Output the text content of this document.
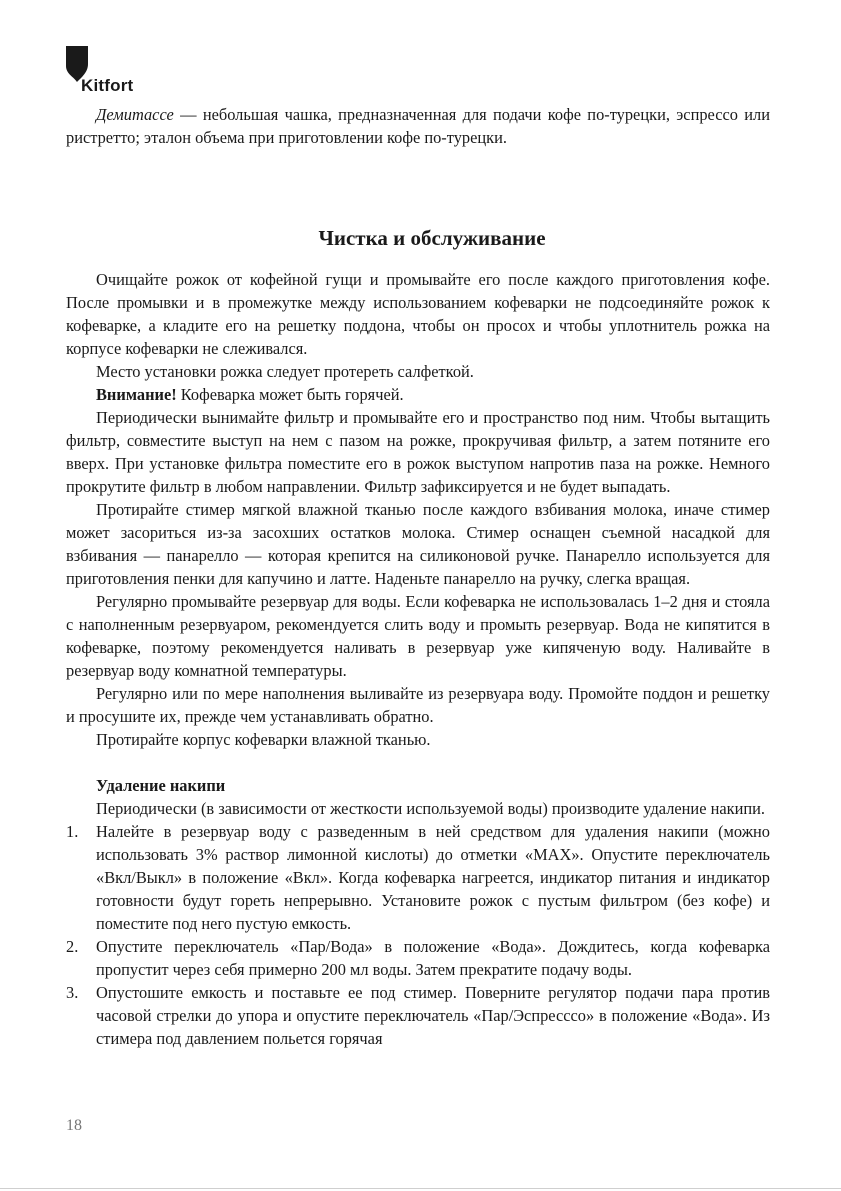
Kitfort

Демитассе — небольшая чашка, предназначенная для подачи кофе по-турецки, эспрессо или ристретто; эталон объема при приготовлении кофе по-турецки.

Чистка и обслуживание

Очищайте рожок от кофейной гущи и промывайте его после каждого приготовления кофе. После промывки и в промежутке между использованием кофеварки не подсоединяйте рожок к кофеварке, а кладите его на решетку поддона, чтобы он просох и чтобы уплотнитель рожка на корпусе кофеварки не слеживался.

Место установки рожка следует протереть салфеткой.

Внимание! Кофеварка может быть горячей.

Периодически вынимайте фильтр и промывайте его и пространство под ним. Чтобы вытащить фильтр, совместите выступ на нем с пазом на рожке, прокручивая фильтр, а затем потяните его вверх. При установке фильтра поместите его в рожок выступом напротив паза на рожке. Немного прокрутите фильтр в любом направлении. Фильтр зафиксируется и не будет выпадать.

Протирайте стимер мягкой влажной тканью после каждого взбивания молока, иначе стимер может засориться из-за засохших остатков молока. Стимер оснащен съемной насадкой для взбивания — панарелло — которая крепится на силиконовой ручке. Панарелло используется для приготовления пенки для капучино и латте. Наденьте панарелло на ручку, слегка вращая.

Регулярно промывайте резервуар для воды. Если кофеварка не использовалась 1–2 дня и стояла с наполненным резервуаром, рекомендуется слить воду и промыть резервуар. Вода не кипятится в кофеварке, поэтому рекомендуется наливать в резервуар уже кипяченую воду. Наливайте в резервуар воду комнатной температуры.

Регулярно или по мере наполнения выливайте из резервуара воду. Промойте поддон и решетку и просушите их, прежде чем устанавливать обратно.

Протирайте корпус кофеварки влажной тканью.

Удаление накипи

Периодически (в зависимости от жесткости используемой воды) производите удаление накипи.

1. Налейте в резервуар воду с разведенным в ней средством для удаления накипи (можно использовать 3% раствор лимонной кислоты) до отметки «MAX». Опустите переключатель «Вкл/Выкл» в положение «Вкл». Когда кофеварка нагреется, индикатор питания и индикатор готовности будут гореть непрерывно. Установите рожок с пустым фильтром (без кофе) и поместите под него пустую емкость.
2. Опустите переключатель «Пар/Вода» в положение «Вода». Дождитесь, когда кофеварка пропустит через себя примерно 200 мл воды. Затем прекратите подачу воды.
3. Опустошите емкость и поставьте ее под стимер. Поверните регулятор подачи пара против часовой стрелки до упора и опустите переключатель «Пар/Эспресссо» в положение «Вода». Из стимера под давлением польется горячая
18
